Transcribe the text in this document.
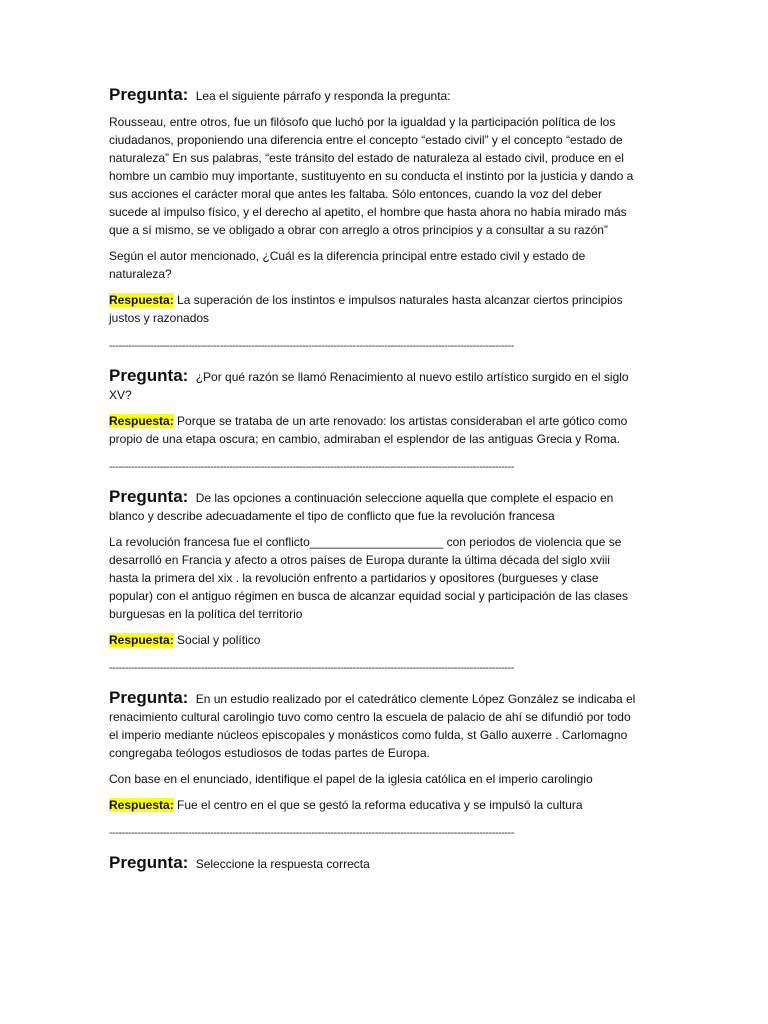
Pregunta: Lea el siguiente párrafo y responda la pregunta:

Rousseau, entre otros, fue un filósofo que luchó por la igualdad y la participación política de los ciudadanos, proponiendo una diferencia entre el concepto “estado civil” y el concepto “estado de naturaleza” En sus palabras, “este tránsito del estado de naturaleza al estado civil, produce en el hombre un cambio muy importante, sustituyento en su conducta el instinto por la justicia y dando a sus acciones el carácter moral que antes les faltaba. Sólo entonces, cuando la voz del deber sucede al impulso físico, y el derecho al apetito, el hombre que hasta ahora no había mirado más que a sí mismo, se ve obligado a obrar con arreglo a otros principios y a consultar a su razón”

Según el autor mencionado, ¿Cuál es la diferencia principal entre estado civil y estado de naturaleza?

Respuesta: La superación de los instintos e impulsos naturales hasta alcanzar ciertos principios justos y razonados

--------------------------------------------------------------------------------------------------------------------------------
Pregunta: ¿Por qué razón se llamó Renacimiento al nuevo estilo artístico surgido en el siglo XV?

Respuesta: Porque se trataba de un arte renovado: los artistas consideraban el arte gótico como propio de una etapa oscura; en cambio, admiraban el esplendor de las antiguas Grecia y Roma.

--------------------------------------------------------------------------------------------------------------------------------
Pregunta: De las opciones a continuación seleccione aquella que complete el espacio en blanco y describe adecuadamente el tipo de conflicto que fue la revolución francesa

La revolución francesa fue el conflicto____________________ con periodos de violencia que se desarrolló en Francia y afecto a otros países de Europa durante la última década del siglo xviii hasta la primera del xix . la revolución enfrento a partidarios y opositores (burgueses y clase popular) con el antiguo régimen en busca de alcanzar equidad social y participación de las clases burguesas en la política del territorio

Respuesta: Social y político

--------------------------------------------------------------------------------------------------------------------------------
Pregunta: En un estudio realizado por el catedrático clemente López González se indicaba el renacimiento cultural carolingio tuvo como centro la escuela de palacio de ahí se difundió por todo el imperio mediante núcleos episcopales y monásticos como fulda, st Gallo auxerre . Carlomagno congregaba teólogos estudiosos de todas partes de Europa.

Con base en el enunciado, identifique el papel de la iglesia católica en el imperio carolingio

Respuesta: Fue el centro en el que se gestó la reforma educativa y se impulsó la cultura

--------------------------------------------------------------------------------------------------------------------------------
Pregunta: Seleccione la respuesta correcta
